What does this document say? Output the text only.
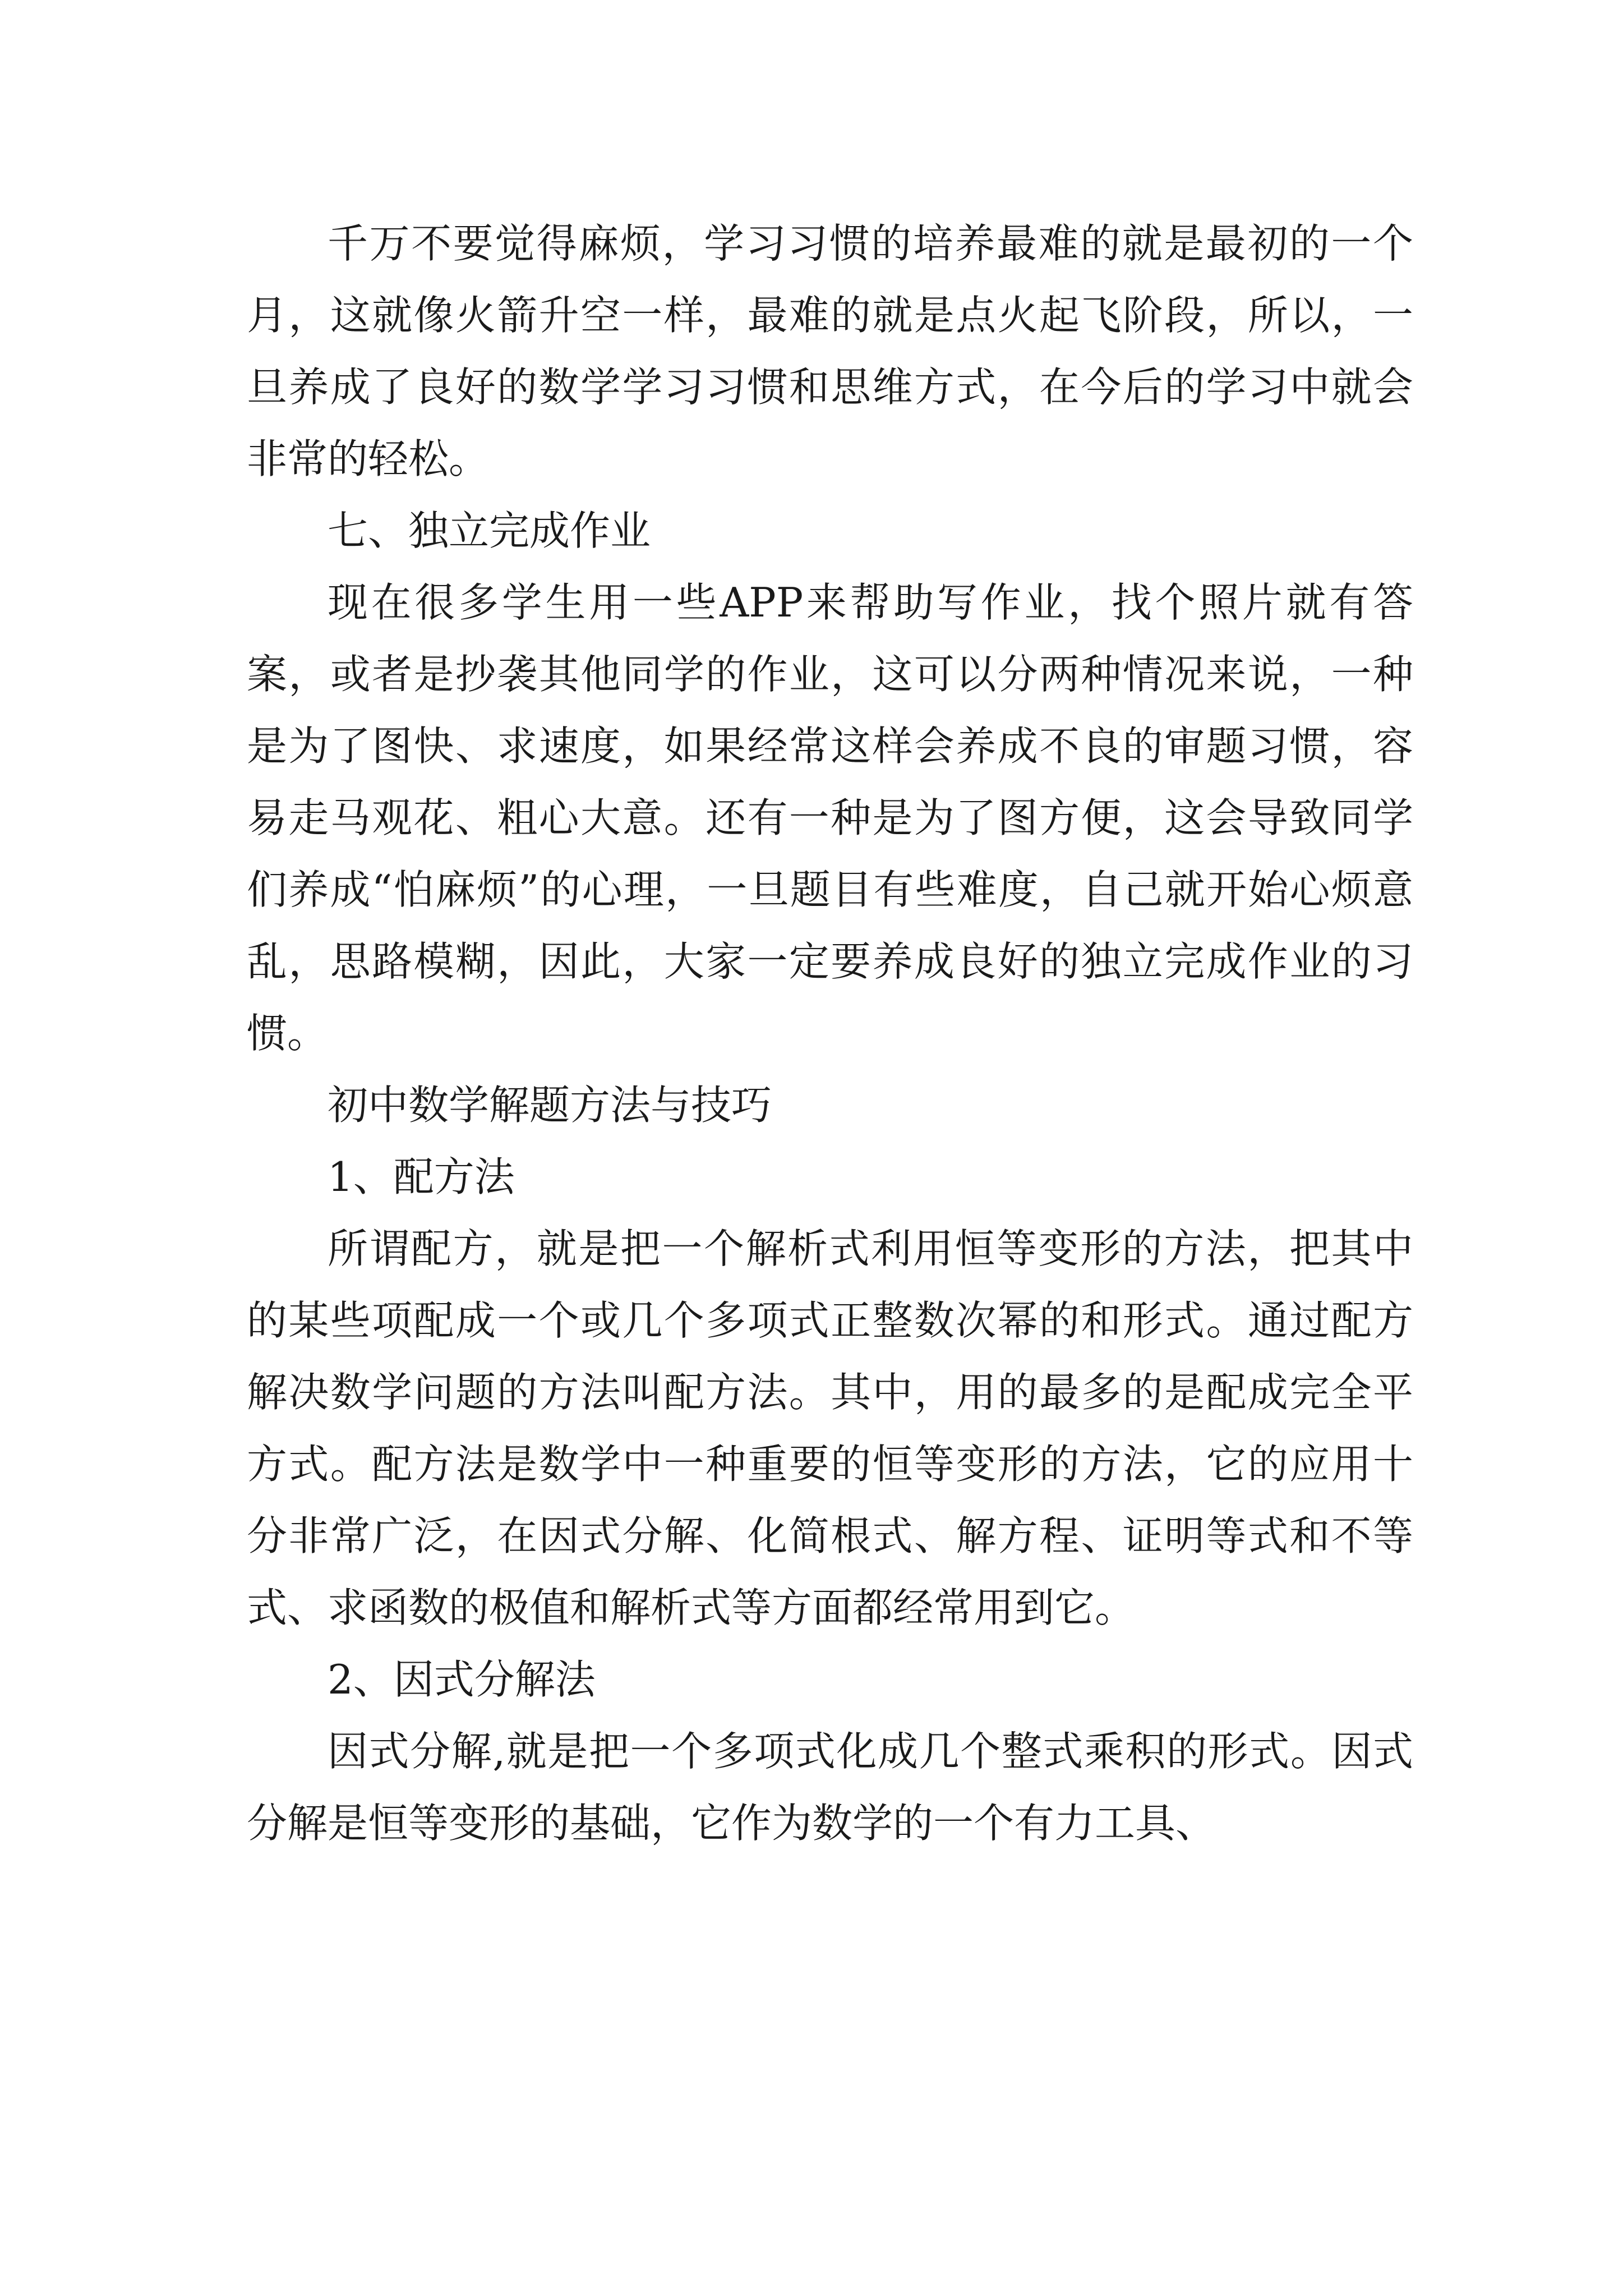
千万不要觉得麻烦，学习习惯的培养最难的就是最初的一个月，这就像火箭升空一样，最难的就是点火起飞阶段，所以，一旦养成了良好的数学学习习惯和思维方式，在今后的学习中就会非常的轻松。

七、独立完成作业

现在很多学生用一些APP来帮助写作业，找个照片就有答案，或者是抄袭其他同学的作业，这可以分两种情况来说，一种是为了图快、求速度，如果经常这样会养成不良的审题习惯，容易走马观花、粗心大意。还有一种是为了图方便，这会导致同学们养成“怕麻烦”的心理，一旦题目有些难度，自己就开始心烦意乱，思路模糊，因此，大家一定要养成良好的独立完成作业的习惯。

初中数学解题方法与技巧

1、配方法

所谓配方，就是把一个解析式利用恒等变形的方法，把其中的某些项配成一个或几个多项式正整数次幂的和形式。通过配方解决数学问题的方法叫配方法。其中，用的最多的是配成完全平方式。配方法是数学中一种重要的恒等变形的方法，它的应用十分非常广泛，在因式分解、化简根式、解方程、证明等式和不等式、求函数的极值和解析式等方面都经常用到它。

2、因式分解法

因式分解,就是把一个多项式化成几个整式乘积的形式。因式分解是恒等变形的基础，它作为数学的一个有力工具、
